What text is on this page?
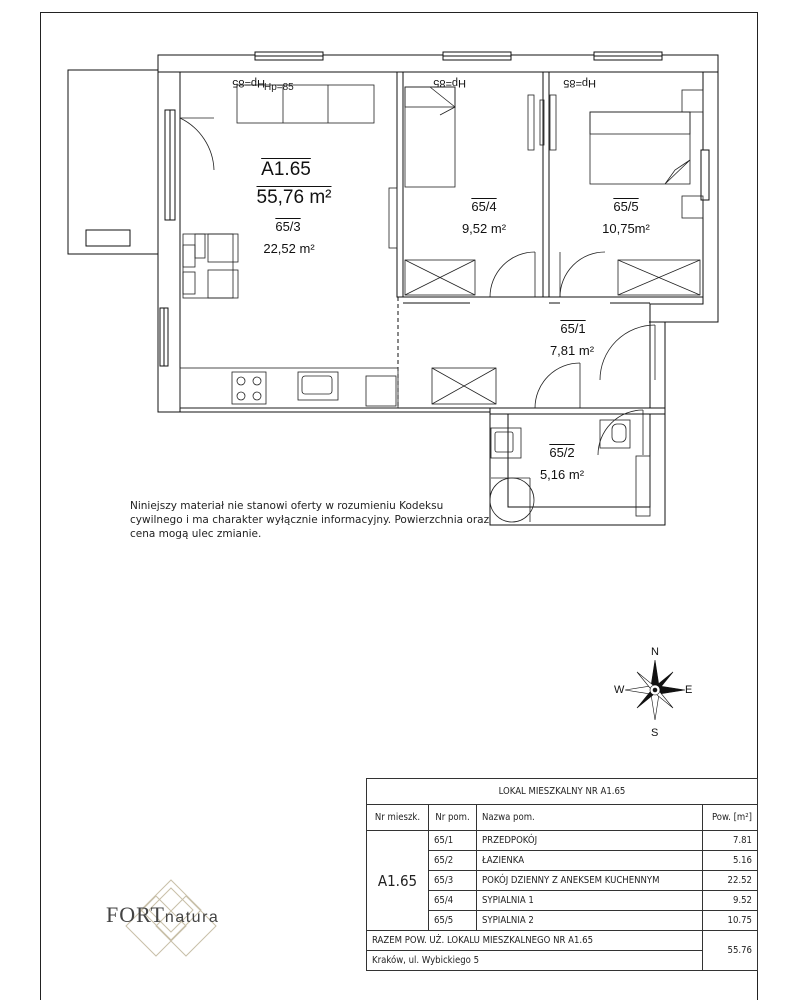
Hp=85
Hp=85	Hp=85	Hp=85
A1.65
55,76 m²
65/3
22,52 m²
65/4
9,52 m²
65/5
10,75m²
65/1
7,81 m²
65/2
5,16 m²
Niniejszy materiał nie stanowi oferty w rozumieniu Kodeksu cywilnego i ma charakter wyłącznie informacyjny. Powierzchnia oraz cena mogą ulec zmianie.
N
E
S
W
LOKAL MIESZKALNY NR A1.65			
Nr mieszk.	Nr pom.	Nazwa pom.	Pow. [m²]
A1.65	65/1	PRZEDPOKÓJ	7.81
	65/2	ŁAZIENKA	5.16
	65/3	POKÓJ DZIENNY Z ANEKSEM KUCHENNYM	22.52
	65/4	SYPIALNIA 1	9.52
	65/5	SYPIALNIA 2	10.75
RAZEM POW. UŻ. LOKALU MIESZKALNEGO NR A1.65			55.76
Kraków, ul. Wybickiego 5			
FORTnatura
